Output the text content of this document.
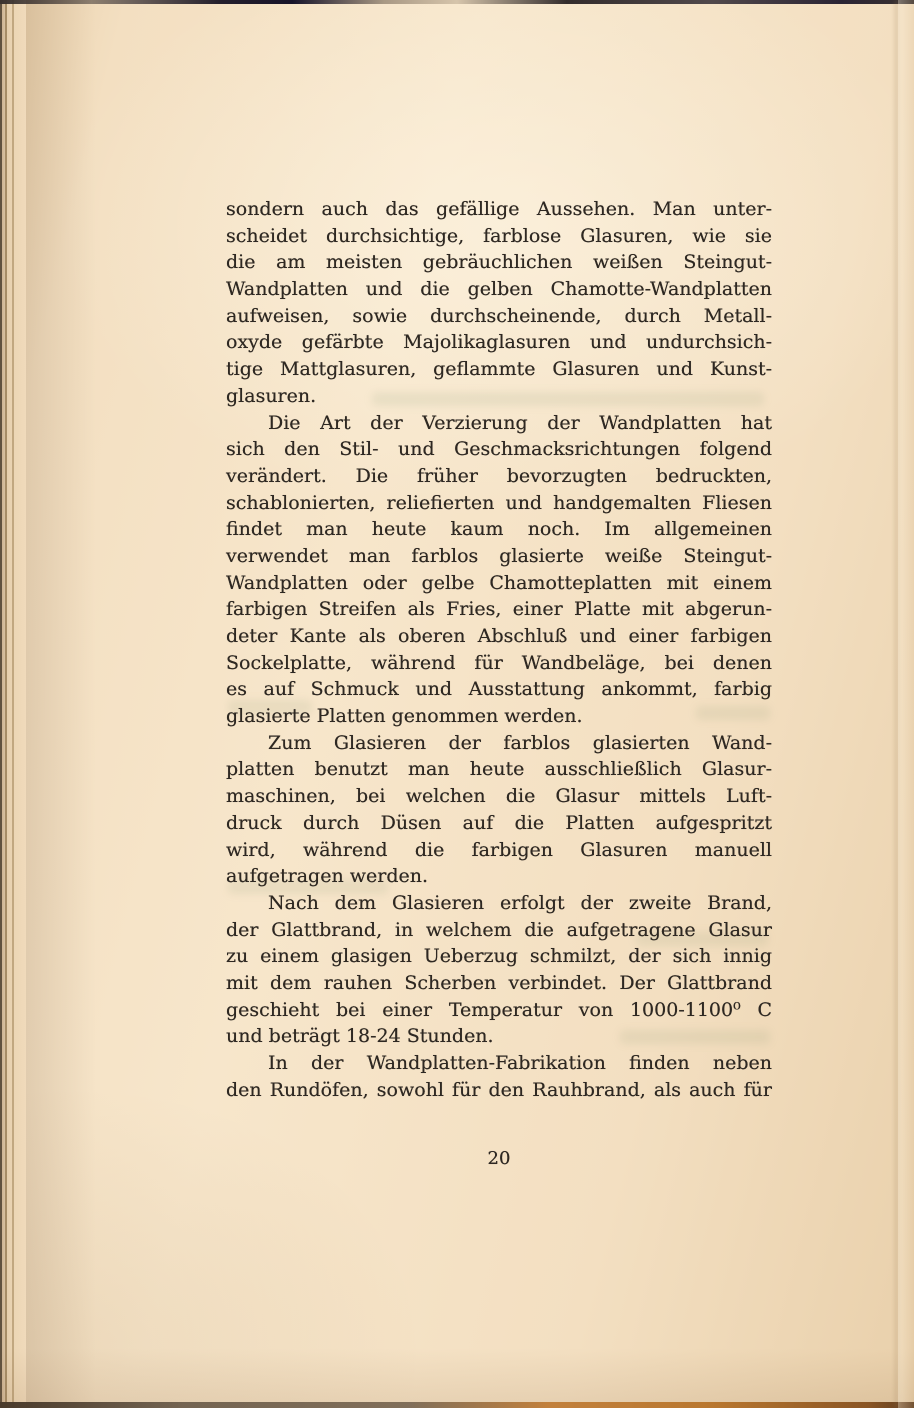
sondern auch das gefällige Aussehen. Man unter-
scheidet durchsichtige, farblose Glasuren, wie sie
die am meisten gebräuchlichen weißen Steingut-
Wandplatten und die gelben Chamotte-Wandplatten
aufweisen, sowie durchscheinende, durch Metall-
oxyde gefärbte Majolikaglasuren und undurchsich-
tige Mattglasuren, geflammte Glasuren und Kunst-
glasuren.
Die Art der Verzierung der Wandplatten hat
sich den Stil- und Geschmacksrichtungen folgend
verändert. Die früher bevorzugten bedruckten,
schablonierten, reliefierten und handgemalten Fliesen
findet man heute kaum noch. Im allgemeinen
verwendet man farblos glasierte weiße Steingut-
Wandplatten oder gelbe Chamotteplatten mit einem
farbigen Streifen als Fries, einer Platte mit abgerun-
deter Kante als oberen Abschluß und einer farbigen
Sockelplatte, während für Wandbeläge, bei denen
es auf Schmuck und Ausstattung ankommt, farbig
glasierte Platten genommen werden.
Zum Glasieren der farblos glasierten Wand-
platten benutzt man heute ausschließlich Glasur-
maschinen, bei welchen die Glasur mittels Luft-
druck durch Düsen auf die Platten aufgespritzt
wird, während die farbigen Glasuren manuell
aufgetragen werden.
Nach dem Glasieren erfolgt der zweite Brand,
der Glattbrand, in welchem die aufgetragene Glasur
zu einem glasigen Ueberzug schmilzt, der sich innig
mit dem rauhen Scherben verbindet. Der Glattbrand
geschieht bei einer Temperatur von 1000-1100⁰ C
und beträgt 18-24 Stunden.
In der Wandplatten-Fabrikation finden neben
den Rundöfen, sowohl für den Rauhbrand, als auch für
20
